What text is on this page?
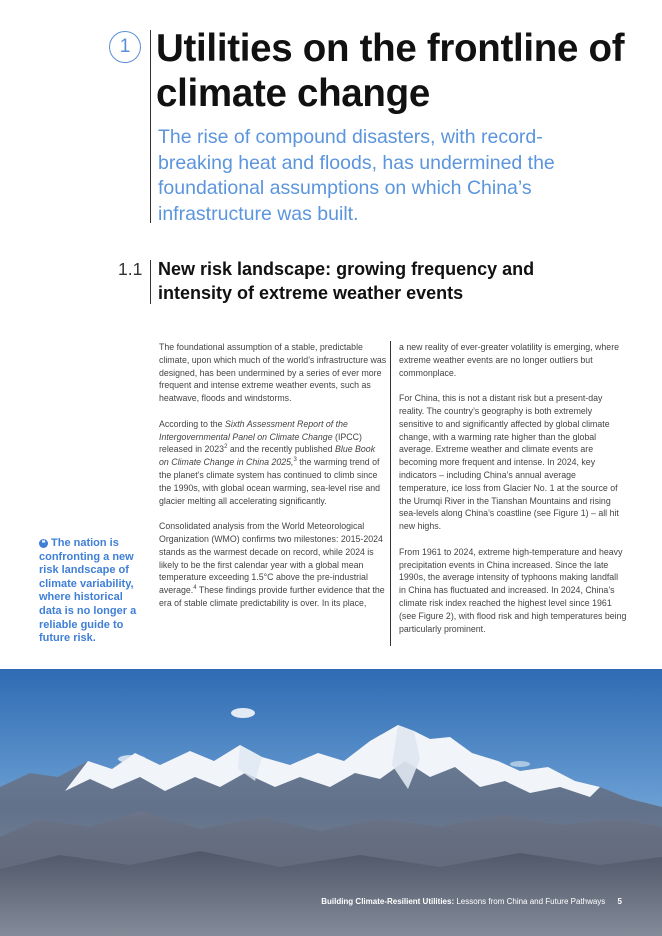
1 Utilities on the frontline of climate change
The rise of compound disasters, with record-breaking heat and floods, has undermined the foundational assumptions on which China’s infrastructure was built.
1.1 New risk landscape: growing frequency and intensity of extreme weather events

The foundational assumption of a stable, predictable climate, upon which much of the world’s infrastructure was designed, has been undermined by a series of ever more frequent and intense extreme weather events, such as heatwave, floods and windstorms.

According to the Sixth Assessment Report of the Intergovernmental Panel on Climate Change (IPCC) released in 2023$^2$ and the recently published Blue Book on Climate Change in China 2025,$^3$ the warming trend of the planet’s climate system has continued to climb since the 1990s, with global ocean warming, sea-level rise and glacier melting all accelerating significantly.

Consolidated analysis from the World Meteorological Organization (WMO) confirms two milestones: 2015-2024 stands as the warmest decade on record, while 2024 is likely to be the first calendar year with a global mean temperature exceeding 1.5°C above the pre-industrial average.$^4$ These findings provide further evidence that the era of stable climate predictability is over. In its place,

a new reality of ever-greater volatility is emerging, where extreme weather events are no longer outliers but commonplace.

For China, this is not a distant risk but a present-day reality. The country’s geography is both extremely sensitive to and significantly affected by global climate change, with a warming rate higher than the global average. Extreme weather and climate events are becoming more frequent and intense. In 2024, key indicators – including China’s annual average temperature, ice loss from Glacier No. 1 at the source of the Urumqi River in the Tianshan Mountains and rising sea-levels along China’s coastline (see Figure 1) – all hit new highs.

From 1961 to 2024, extreme high-temperature and heavy precipitation events in China increased. Since the late 1990s, the average intensity of typhoons making landfall in China has fluctuated and increased. In 2024, China’s climate risk index reached the highest level since 1961 (see Figure 2), with flood risk and high temperatures being particularly prominent.

❝ The nation is confronting a new risk landscape of climate variability, where historical data is no longer a reliable guide to future risk.
Building Climate-Resilient Utilities: Lessons from China and Future Pathways 5
